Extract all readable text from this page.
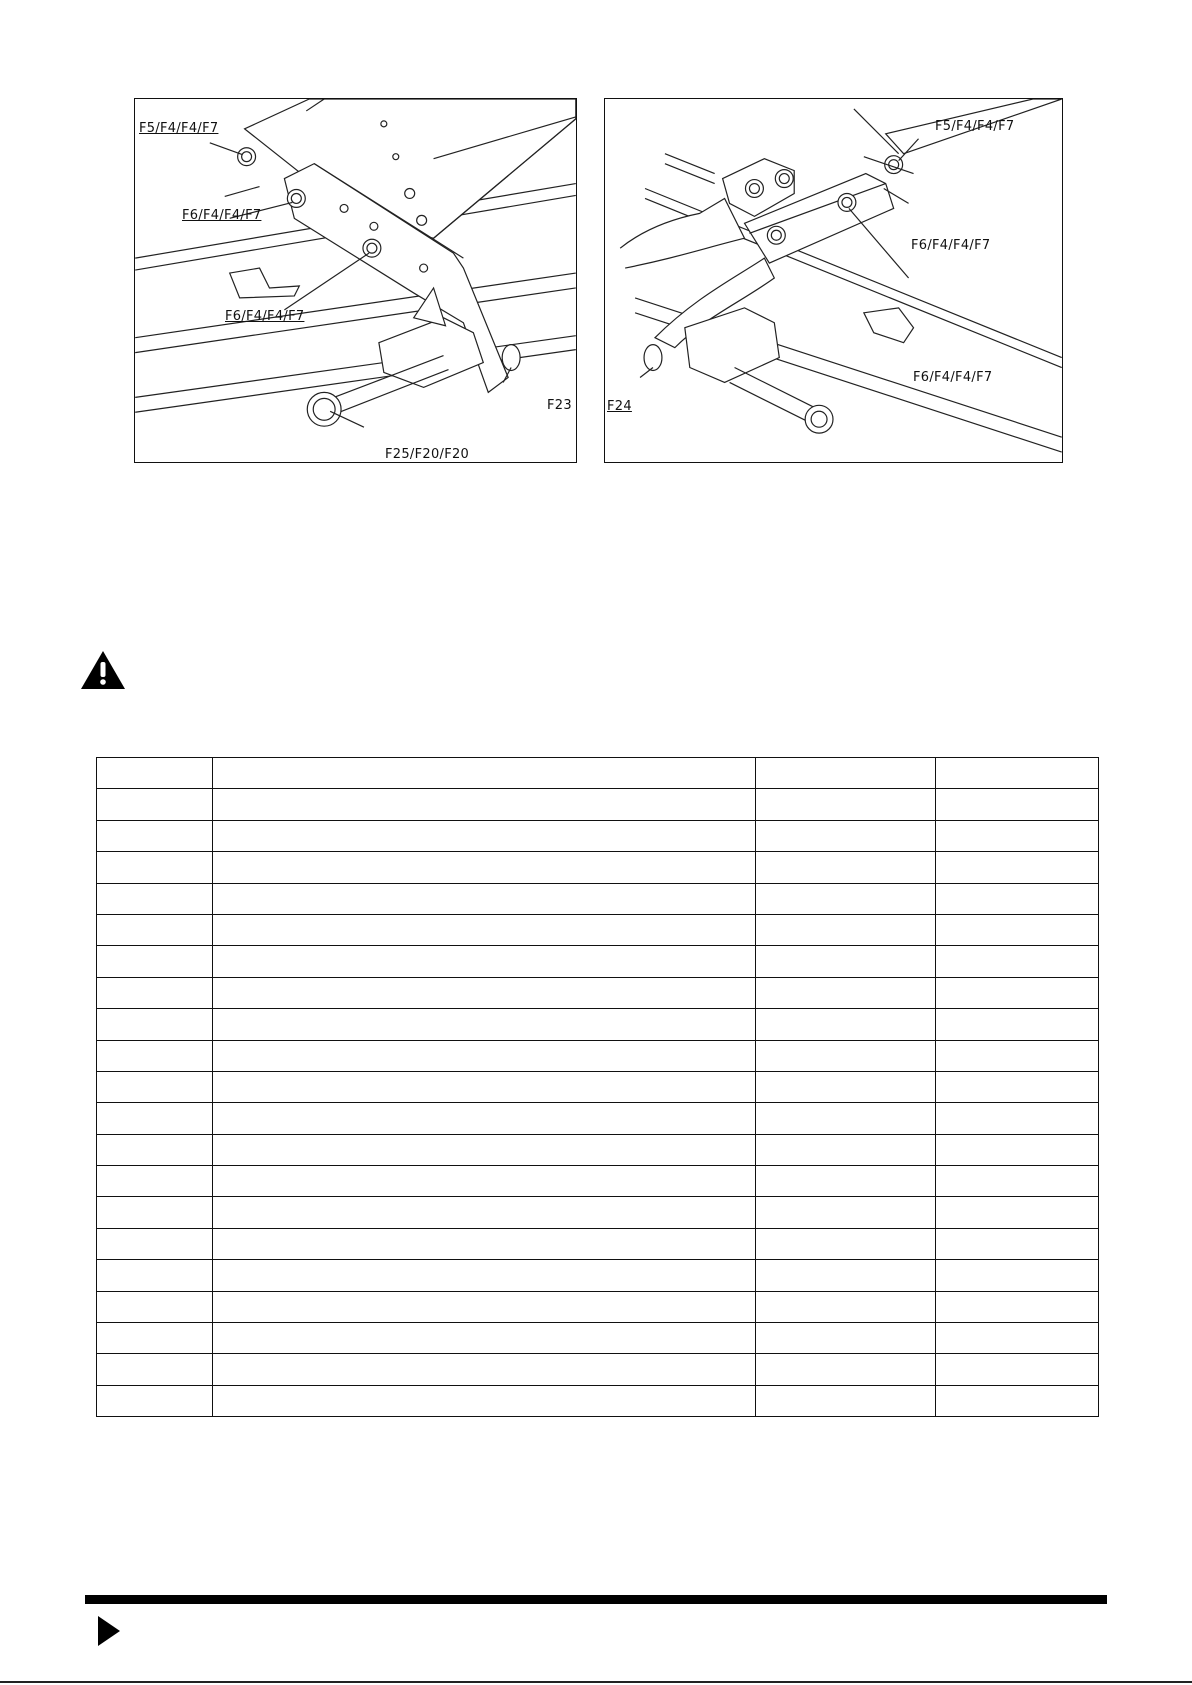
F5/F4/F4/F7
F6/F4/F4/F7
F6/F4/F4/F7
F23
F25/F20/F20
F5/F4/F4/F7
F6/F4/F4/F7
F6/F4/F4/F7
F24
